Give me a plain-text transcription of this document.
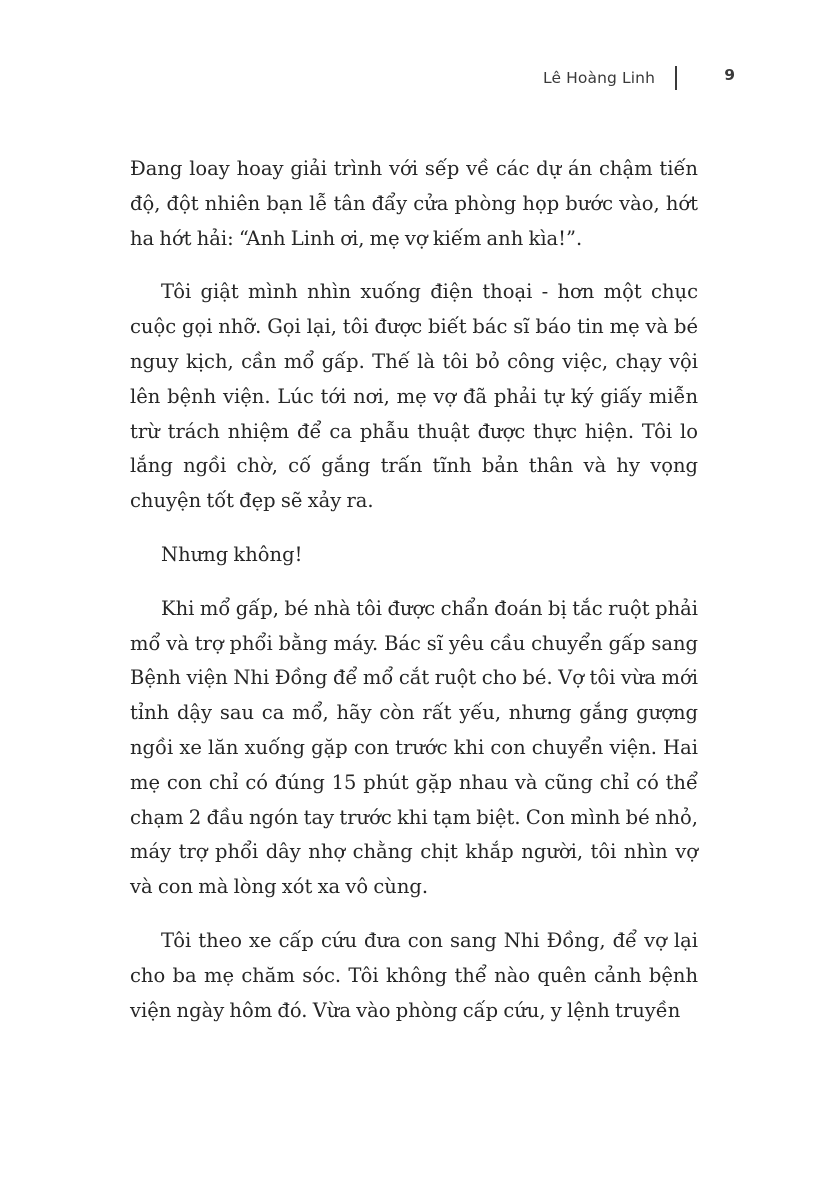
Lê Hoàng Linh	9

Đang loay hoay giải trình với sếp về các dự án chậm tiến độ, đột nhiên bạn lễ tân đẩy cửa phòng họp bước vào, hớt ha hớt hải: “Anh Linh ơi, mẹ vợ kiếm anh kìa!”.

Tôi giật mình nhìn xuống điện thoại - hơn một chục cuộc gọi nhỡ. Gọi lại, tôi được biết bác sĩ báo tin mẹ và bé nguy kịch, cần mổ gấp. Thế là tôi bỏ công việc, chạy vội lên bệnh viện. Lúc tới nơi, mẹ vợ đã phải tự ký giấy miễn trừ trách nhiệm để ca phẫu thuật được thực hiện. Tôi lo lắng ngồi chờ, cố gắng trấn tĩnh bản thân và hy vọng chuyện tốt đẹp sẽ xảy ra.

Nhưng không!

Khi mổ gấp, bé nhà tôi được chẩn đoán bị tắc ruột phải mổ và trợ phổi bằng máy. Bác sĩ yêu cầu chuyển gấp sang Bệnh viện Nhi Đồng để mổ cắt ruột cho bé. Vợ tôi vừa mới tỉnh dậy sau ca mổ, hãy còn rất yếu, nhưng gắng gượng ngồi xe lăn xuống gặp con trước khi con chuyển viện. Hai mẹ con chỉ có đúng 15 phút gặp nhau và cũng chỉ có thể chạm 2 đầu ngón tay trước khi tạm biệt. Con mình bé nhỏ, máy trợ phổi dây nhợ chằng chịt khắp người, tôi nhìn vợ và con mà lòng xót xa vô cùng.

Tôi theo xe cấp cứu đưa con sang Nhi Đồng, để vợ lại cho ba mẹ chăm sóc. Tôi không thể nào quên cảnh bệnh viện ngày hôm đó. Vừa vào phòng cấp cứu, y lệnh truyền
